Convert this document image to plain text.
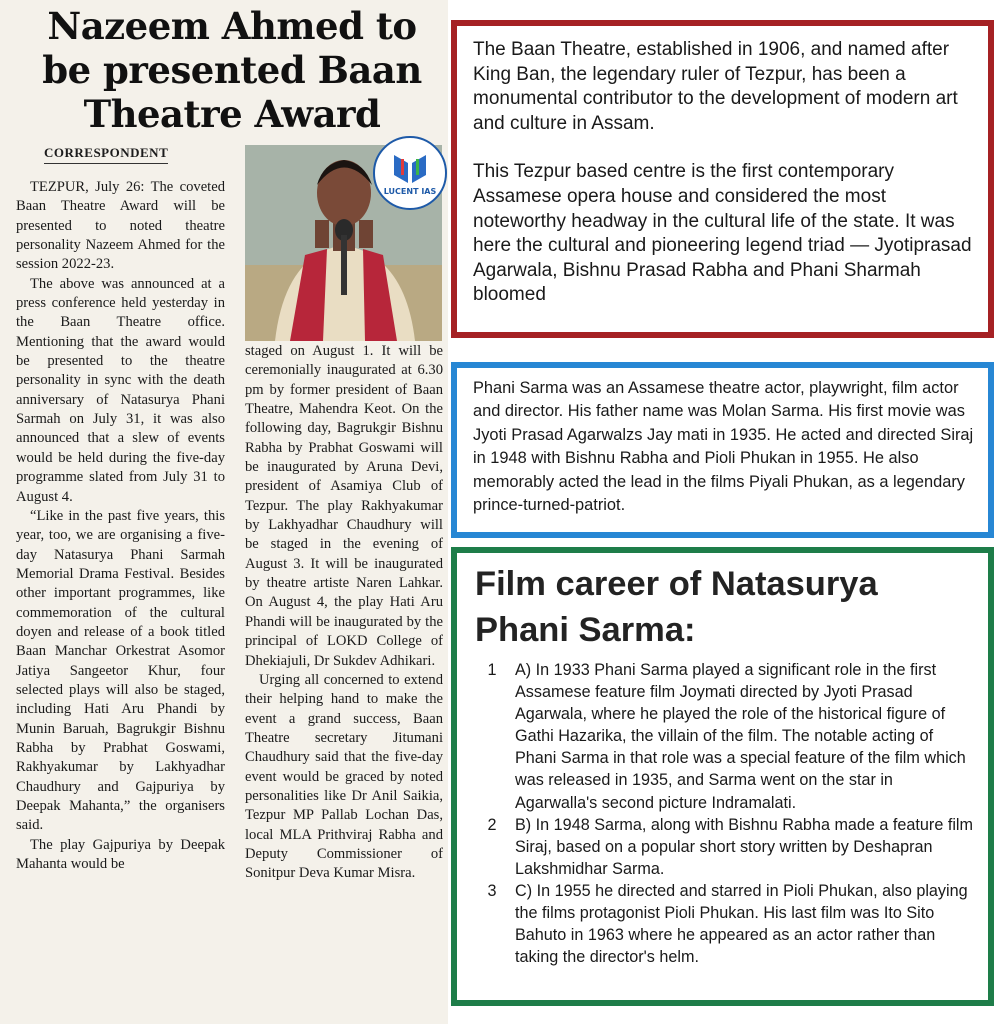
Nazeem Ahmed to be presented Baan Theatre Award
CORRESPONDENT

TEZPUR, July 26: The coveted Baan Theatre Award will be presented to noted theatre personality Nazeem Ahmed for the session 2022-23.

The above was announced at a press conference held yesterday in the Baan Theatre office. Mentioning that the award would be presented to the theatre personality in sync with the death anniversary of Natasurya Phani Sarmah on July 31, it was also announced that a slew of events would be held during the five-day programme slated from July 31 to August 4.

“Like in the past five years, this year, too, we are organising a five-day Natasurya Phani Sarmah Memorial Drama Festival. Besides other important programmes, like commemoration of the cultural doyen and release of a book titled Baan Manchar Orkestrat Asomor Jatiya Sangeetor Khur, four selected plays will also be staged, including Hati Aru Phandi by Munin Baruah, Bagrukgir Bishnu Rabha by Prabhat Goswami, Rakhyakumar by Lakhyadhar Chaudhury and Gajpuriya by Deepak Mahanta,” the organisers said.

The play Gajpuriya by Deepak Mahanta would be

LUCENT IAS

staged on August 1. It will be ceremonially inaugurated at 6.30 pm by former president of Baan Theatre, Mahendra Keot. On the following day, Bagrukgir Bishnu Rabha by Prabhat Goswami will be inaugurated by Aruna Devi, president of Asamiya Club of Tezpur. The play Rakhyakumar by Lakhyadhar Chaudhury will be staged in the evening of August 3. It will be inaugurated by theatre artiste Naren Lahkar. On August 4, the play Hati Aru Phandi will be inaugurated by the principal of LOKD College of Dhekiajuli, Dr Sukdev Adhikari.

Urging all concerned to extend their helping hand to make the event a grand success, Baan Theatre secretary Jitumani Chaudhury said that the five-day event would be graced by noted personalities like Dr Anil Saikia, Tezpur MP Pallab Lochan Das, local MLA Prithviraj Rabha and Deputy Commissioner of Sonitpur Deva Kumar Misra.

The Baan Theatre, established in 1906, and named after King Ban, the legendary ruler of Tezpur, has been a monumental contributor to the development of modern art and culture in Assam.

This Tezpur based centre is the first contemporary Assamese opera house and considered the most noteworthy headway in the cultural life of the state. It was here the cultural and pioneering legend triad — Jyotiprasad Agarwala, Bishnu Prasad Rabha and Phani Sharmah bloomed

Phani Sarma was an Assamese theatre actor, playwright, film actor and director. His father name was Molan Sarma. His first movie was Jyoti Prasad Agarwalzs Jay mati in 1935. He acted and directed Siraj in 1948 with Bishnu Rabha and Pioli Phukan in 1955. He also memorably acted the lead in the films Piyali Phukan, as a legendary prince-turned-patriot.

Film career of Natasurya Phani Sarma:
1	A) In 1933 Phani Sarma played a significant role in the first Assamese feature film Joymati directed by Jyoti Prasad Agarwala, where he played the role of the historical figure of Gathi Hazarika, the villain of the film. The notable acting of Phani Sarma in that role was a special feature of the film which was released in 1935, and Sarma went on the star in Agarwalla's second picture Indramalati.
2	B) In 1948 Sarma, along with Bishnu Rabha made a feature film Siraj, based on a popular short story written by Deshapran Lakshmidhar Sarma.
3	C) In 1955 he directed and starred in Pioli Phukan, also playing the films protagonist Pioli Phukan. His last film was Ito Sito Bahuto in 1963 where he appeared as an actor rather than taking the director's helm.
